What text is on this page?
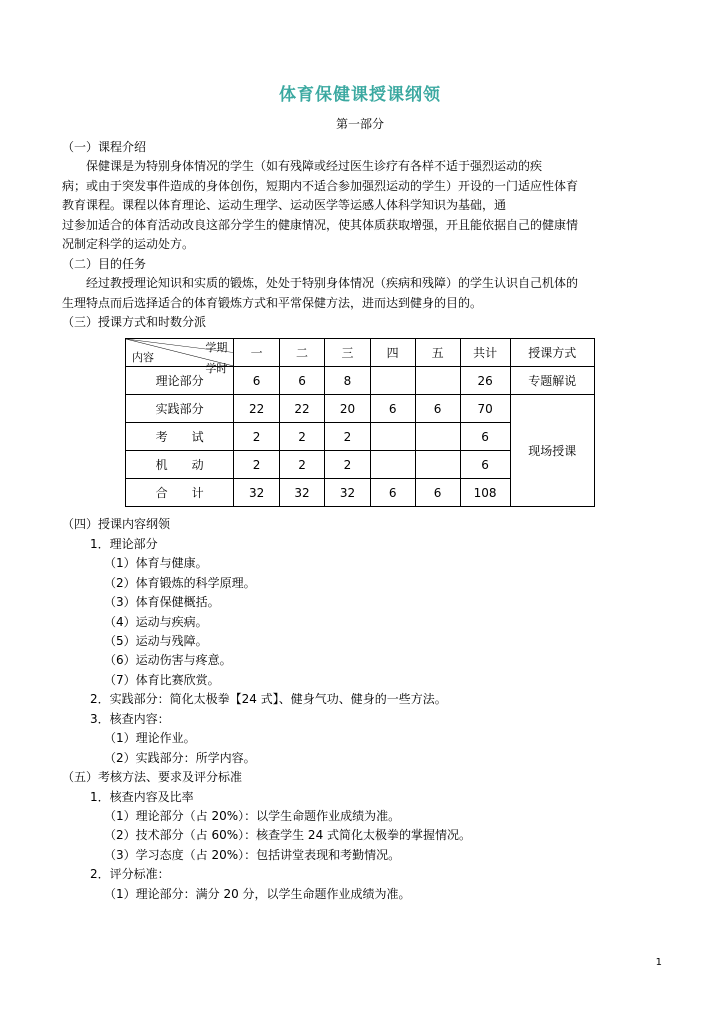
体育保健课授课纲领
第一部分
（一）课程介绍
保健课是为特别身体情况的学生（如有残障或经过医生诊疗有各样不适于强烈运动的疾
病；或由于突发事件造成的身体创伤，短期内不适合参加强烈运动的学生）开设的一门适应性体育
教育课程。课程以体育理论、运动生理学、运动医学等运感人体科学知识为基础，通
过参加适合的体育活动改良这部分学生的健康情况，使其体质获取增强，开且能依据自己的健康情
况制定科学的运动处方。
（二）目的任务
经过教授理论知识和实质的锻炼，处处于特别身体情况（疾病和残障）的学生认识自己机体的
生理特点而后选择适合的体育锻炼方式和平常保健方法，进而达到健身的目的。
（三）授课方式和时数分派
学期
学时
内容	一	二	三	四	五	共计	授课方式
理论部分	6	6	8			26	专题解说
实践部分	22	22	20	6	6	70	现场授课
考　　试	2	2	2			6	
机　　动	2	2	2			6	
合　　计	32	32	32	6	6	108	
（四）授课内容纲领
1．理论部分
（1）体育与健康。
（2）体育锻炼的科学原理。
（3）体育保健概括。
（4）运动与疾病。
（5）运动与残障。
（6）运动伤害与疼意。
（7）体育比赛欣赏。
2．实践部分：简化太极拳【24 式】、健身气功、健身的一些方法。
3．核查内容：
（1）理论作业。
（2）实践部分：所学内容。
（五）考核方法、要求及评分标准
1．核查内容及比率
（1）理论部分（占 20%）：以学生命题作业成绩为准。
（2）技术部分（占 60%）：核查学生 24 式简化太极拳的掌握情况。
（3）学习态度（占 20%）：包括讲堂表现和考勤情况。
2．评分标准：
（1）理论部分：满分 20 分，以学生命题作业成绩为准。
1
